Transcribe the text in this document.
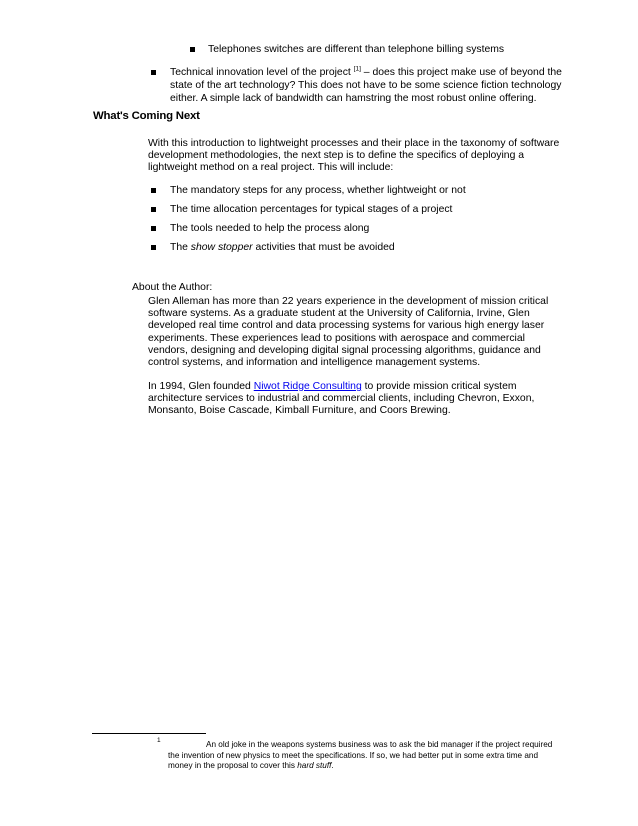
Telephones switches are different than telephone billing systems
Technical innovation level of the project [1] – does this project make use of beyond the
state of the art technology? This does not have to be some science fiction technology
either. A simple lack of bandwidth can hamstring the most robust online offering.
What's Coming Next
With this introduction to lightweight processes and their place in the taxonomy of software
development methodologies, the next step is to define the specifics of deploying a
lightweight method on a real project. This will include:
The mandatory steps for any process, whether lightweight or not
The time allocation percentages for typical stages of a project
The tools needed to help the process along
The show stopper activities that must be avoided
About the Author:
Glen Alleman has more than 22 years experience in the development of mission critical
software systems. As a graduate student at the University of California, Irvine, Glen
developed real time control and data processing systems for various high energy laser
experiments. These experiences lead to positions with aerospace and commercial
vendors, designing and developing digital signal processing algorithms, guidance and
control systems, and information and intelligence management systems.
In 1994, Glen founded Niwot Ridge Consulting to provide mission critical system
architecture services to industrial and commercial clients, including Chevron, Exxon,
Monsanto, Boise Cascade, Kimball Furniture, and Coors Brewing.
1	An old joke in the weapons systems business was to ask the bid manager if the project required
the invention of new physics to meet the specifications. If so, we had better put in some extra time and
money in the proposal to cover this hard stuff.
